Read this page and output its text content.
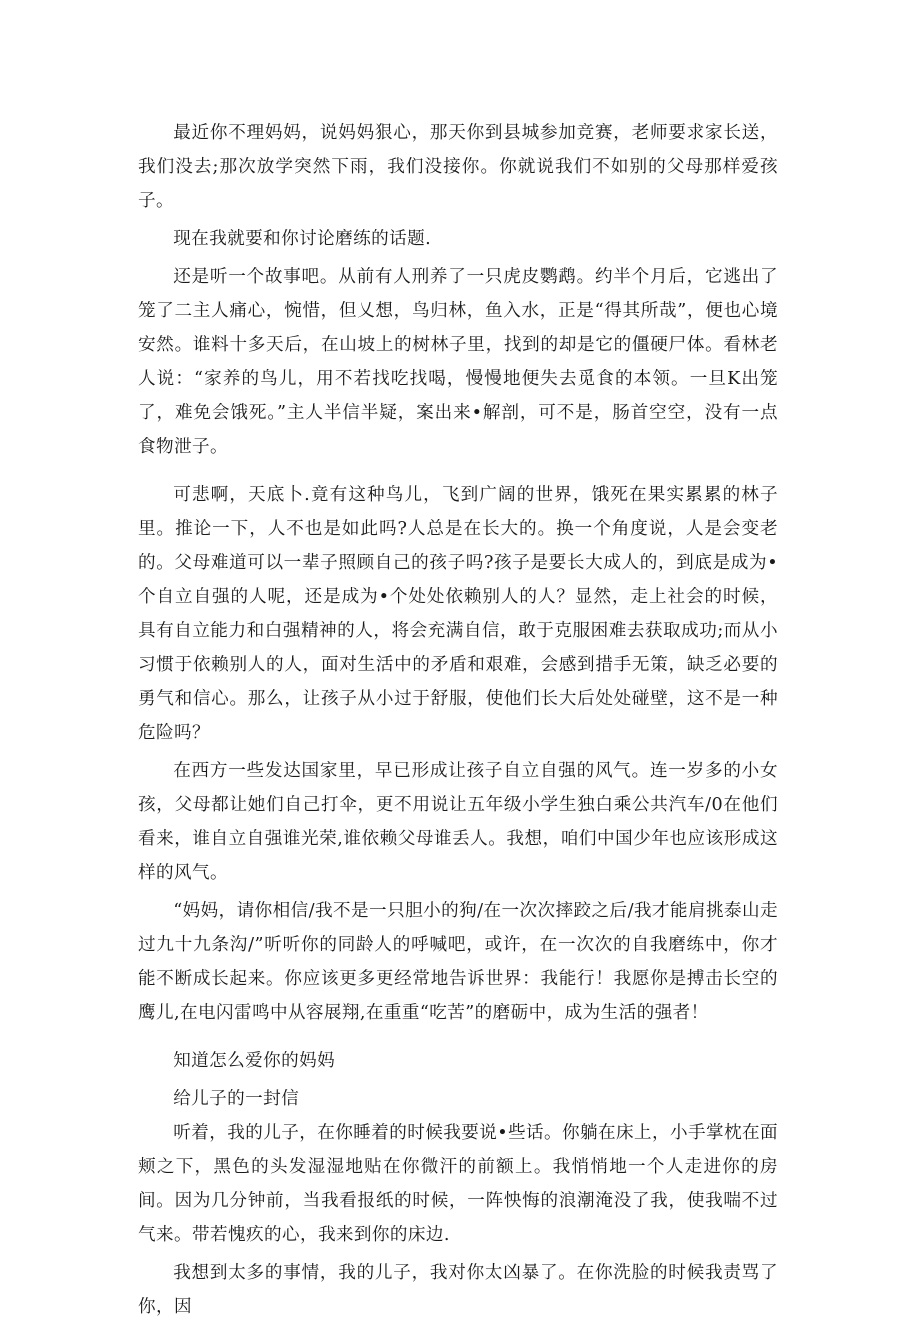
最近你不理妈妈，说妈妈狠心，那天你到县城参加竞赛，老师要求家长送，我们没去;那次放学突然下雨，我们没接你。你就说我们不如别的父母那样爱孩子。

现在我就要和你讨论磨练的话题.

还是听一个故事吧。从前有人刑养了一只虎皮鹦鹉。约半个月后，它逃出了笼了二主人痛心，惋惜，但乂想，鸟归林，鱼入水，正是“得其所哉”，便也心境安然。谁料十多天后，在山坡上的树林子里，找到的却是它的僵硬尸体。看林老人说：“家养的鸟儿，用不若找吃找喝，慢慢地便失去觅食的本领。一旦K出笼了，难免会饿死。”主人半信半疑，案出来•解剖，可不是，肠首空空，没有一点食物泄子。

可悲啊，天底卜.竟有这种鸟儿，飞到广阔的世界，饿死在果实累累的林子里。推论一下，人不也是如此吗?人总是在长大的。换一个角度说，人是会变老的。父母难道可以一辈子照顾自己的孩子吗?孩子是要长大成人的，到底是成为•个自立自强的人呢，还是成为•个处处依赖别人的人？显然，走上社会的时候，具有自立能力和白强精神的人，将会充满自信，敢于克服困难去获取成功;而从小习惯于依赖别人的人，面对生活中的矛盾和艰难，会感到措手无策，缺乏必要的勇气和信心。那么，让孩子从小过于舒服，使他们长大后处处碰壁，这不是一种危险吗？

在西方一些发达国家里，早已形成让孩子自立自强的风气。连一岁多的小女孩，父母都让她们自己打伞，更不用说让五年级小学生独白乘公共汽车/0在他们看来，谁自立自强谁光荣,谁依赖父母谁丢人。我想，咱们中国少年也应该形成这样的风气。

“妈妈，请你相信/我不是一只胆小的狗/在一次次摔跤之后/我才能肩挑泰山走过九十九条沟/”听听你的同龄人的呼喊吧，或许，在一次次的自我磨练中，你才能不断成长起来。你应该更多更经常地告诉世界：我能行！我愿你是搏击长空的鹰儿,在电闪雷鸣中从容展翔,在重重“吃苦”的磨砺中，成为生活的强者！

知道怎么爱你的妈妈

给儿子的一封信

听着，我的儿子，在你睡着的时候我要说•些话。你躺在床上，小手掌枕在面颊之下，黑色的头发湿湿地贴在你微汗的前额上。我悄悄地一个人走进你的房间。因为几分钟前，当我看报纸的时候，一阵怏悔的浪潮淹没了我，使我喘不过气来。带若愧疚的心，我来到你的床边.

我想到太多的事情，我的儿子，我对你太凶暴了。在你洗脸的时候我责骂了你，因
